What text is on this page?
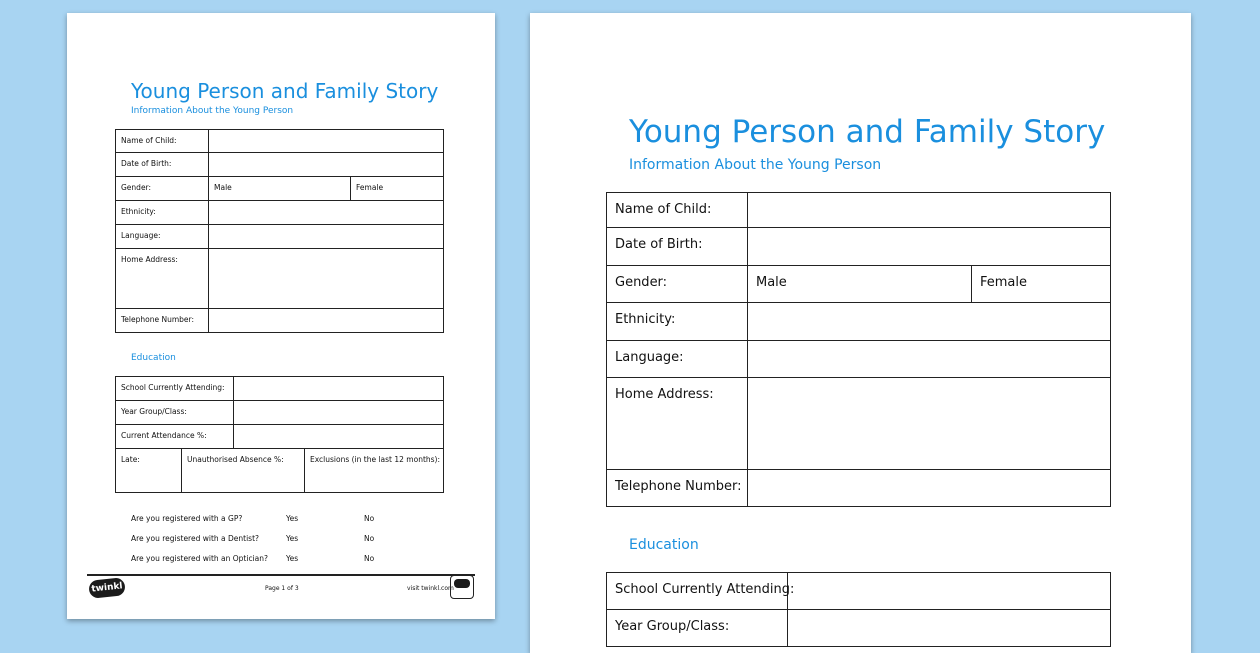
Young Person and Family Story
Information About the Young Person
Name of Child:		

Date of Birth:		

Gender:	Male	Female

Ethnicity:		

Language:		

Home Address:		

Telephone Number:		

Education
School Currently Attending:	

Year Group/Class:	

Current Attendance %:	

Late:	Unauthorised Absence %:	Exclusions (in the last 12 months):
Are you registered with a GP?	Yes	No
Are you registered with a Dentist?	Yes	No
Are you registered with an Optician? Yes	No
twinkl	Page 1 of 3	visit twinkl.com
Young Person and Family Story
Information About the Young Person
Name of Child:		

Date of Birth:		

Gender:	Male	Female

Ethnicity:		

Language:		

Home Address:		

Telephone Number:		

Education
School Currently Attending:	

Year Group/Class:	
